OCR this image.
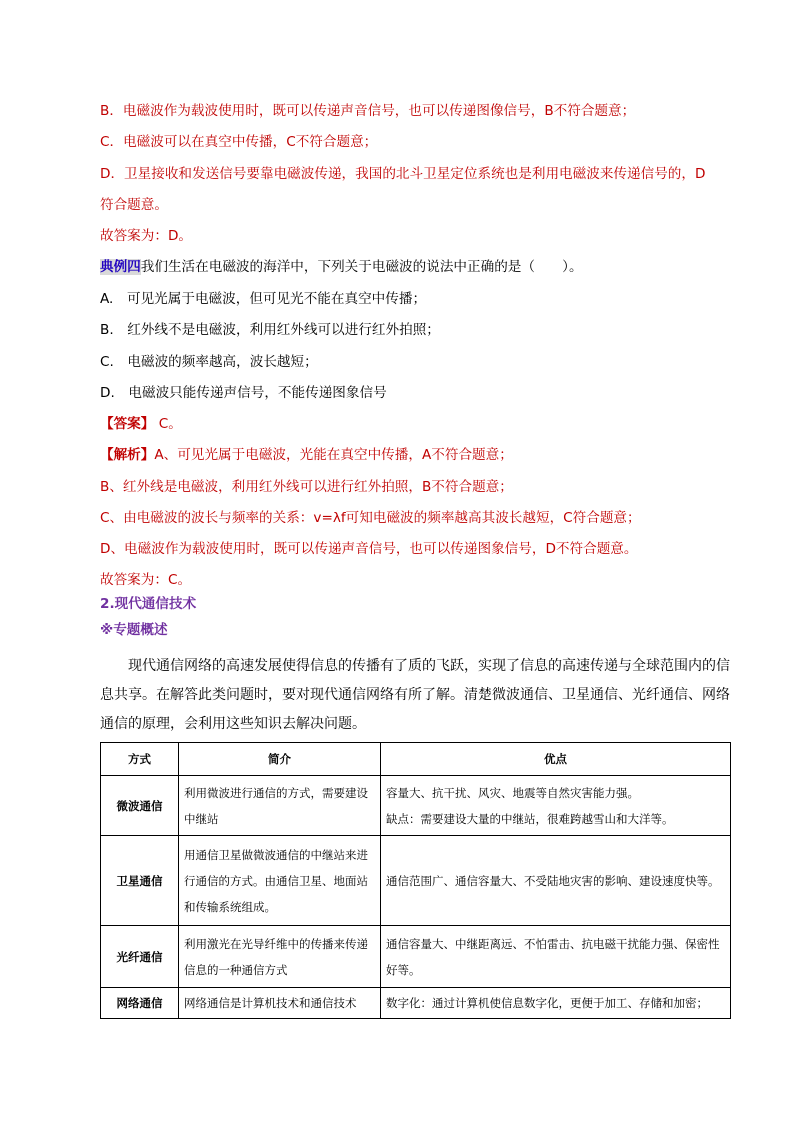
B．电磁波作为载波使用时，既可以传递声音信号，也可以传递图像信号，B不符合题意；
C．电磁波可以在真空中传播，C不符合题意；
D．卫星接收和发送信号要靠电磁波传递，我国的北斗卫星定位系统也是利用电磁波来传递信号的，D
符合题意。
故答案为：D。
典例四我们生活在电磁波的海洋中，下列关于电磁波的说法中正确的是（　　）。
A.　可见光属于电磁波，但可见光不能在真空中传播；
B.　红外线不是电磁波，利用红外线可以进行红外拍照；
C.　电磁波的频率越高，波长越短；
D.　电磁波只能传递声信号，不能传递图象信号
【答案】 C。
【解析】A、可见光属于电磁波，光能在真空中传播，A不符合题意；
B、红外线是电磁波，利用红外线可以进行红外拍照，B不符合题意；
C、由电磁波的波长与频率的关系：v=λf可知电磁波的频率越高其波长越短，C符合题意；
D、电磁波作为载波使用时，既可以传递声音信号，也可以传递图象信号，D不符合题意。
故答案为：C。
2.现代通信技术
※专题概述
现代通信网络的高速发展使得信息的传播有了质的飞跃，实现了信息的高速传递与全球范围内的信息共享。在解答此类问题时，要对现代通信网络有所了解。清楚微波通信、卫星通信、光纤通信、网络通信的原理，会利用这些知识去解决问题。
方式	简介	优点
微波通信	利用微波进行通信的方式，需要建设中继站	容量大、抗干扰、风灾、地震等自然灾害能力强。
缺点：需要建设大量的中继站，很难跨越雪山和大洋等。

卫星通信	用通信卫星做微波通信的中继站来进行通信的方式。由通信卫星、地面站和传输系统组成。	通信范围广、通信容量大、不受陆地灾害的影响、建设速度快等。
光纤通信	利用激光在光导纤维中的传播来传递信息的一种通信方式	通信容量大、中继距离远、不怕雷击、抗电磁干扰能力强、保密性好等。
网络通信	网络通信是计算机技术和通信技术	数字化：通过计算机使信息数字化，更便于加工、存储和加密；
